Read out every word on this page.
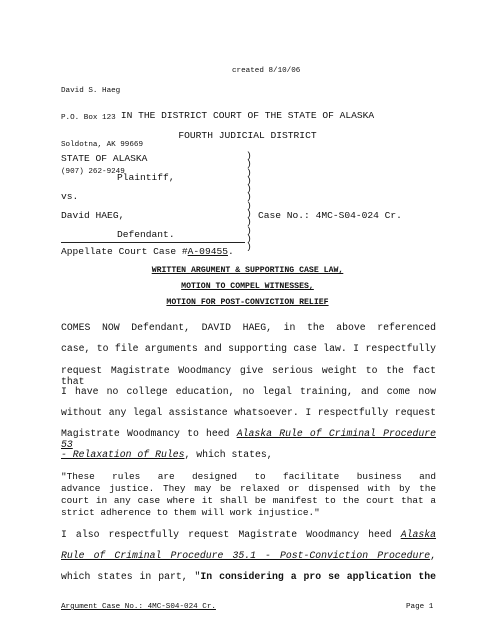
David S. Haeg

P.O. Box 123

Soldotna, AK 99669

(907) 262-9249

created 8/10/06
IN THE DISTRICT COURT OF THE STATE OF ALASKA
FOURTH JUDICIAL DISTRICT
STATE OF ALASKA
Plaintiff,
vs.
David HAEG,
Defendant.
)
)
)
)
)
)
)
)
)
)
)
)
Case No.: 4MC-S04-024 Cr.
Appellate Court Case #A-09455.
WRITTEN ARGUMENT & SUPPORTING CASE LAW,
MOTION TO COMPEL WITNESSES,
MOTION FOR POST-CONVICTION RELIEF
COMES NOW Defendant, DAVID HAEG, in the above referenced
case, to file arguments and supporting case law. I respectfully
request Magistrate Woodmancy give serious weight to the fact that
I have no college education, no legal training, and come now
without any legal assistance whatsoever. I respectfully request
Magistrate Woodmancy to heed Alaska Rule of Criminal Procedure 53
- Relaxation of Rules, which states,
"These rules are designed to facilitate business and
advance justice. They may be relaxed or dispensed with by the
court in any case where it shall be manifest to the court that a
strict adherence to them will work injustice."
I also respectfully request Magistrate Woodmancy heed Alaska
Rule of Criminal Procedure 35.1 - Post-Conviction Procedure,
which states in part, "In considering a pro se application the
Argument Case No.: 4MC-S04-024 Cr.	Page 1
